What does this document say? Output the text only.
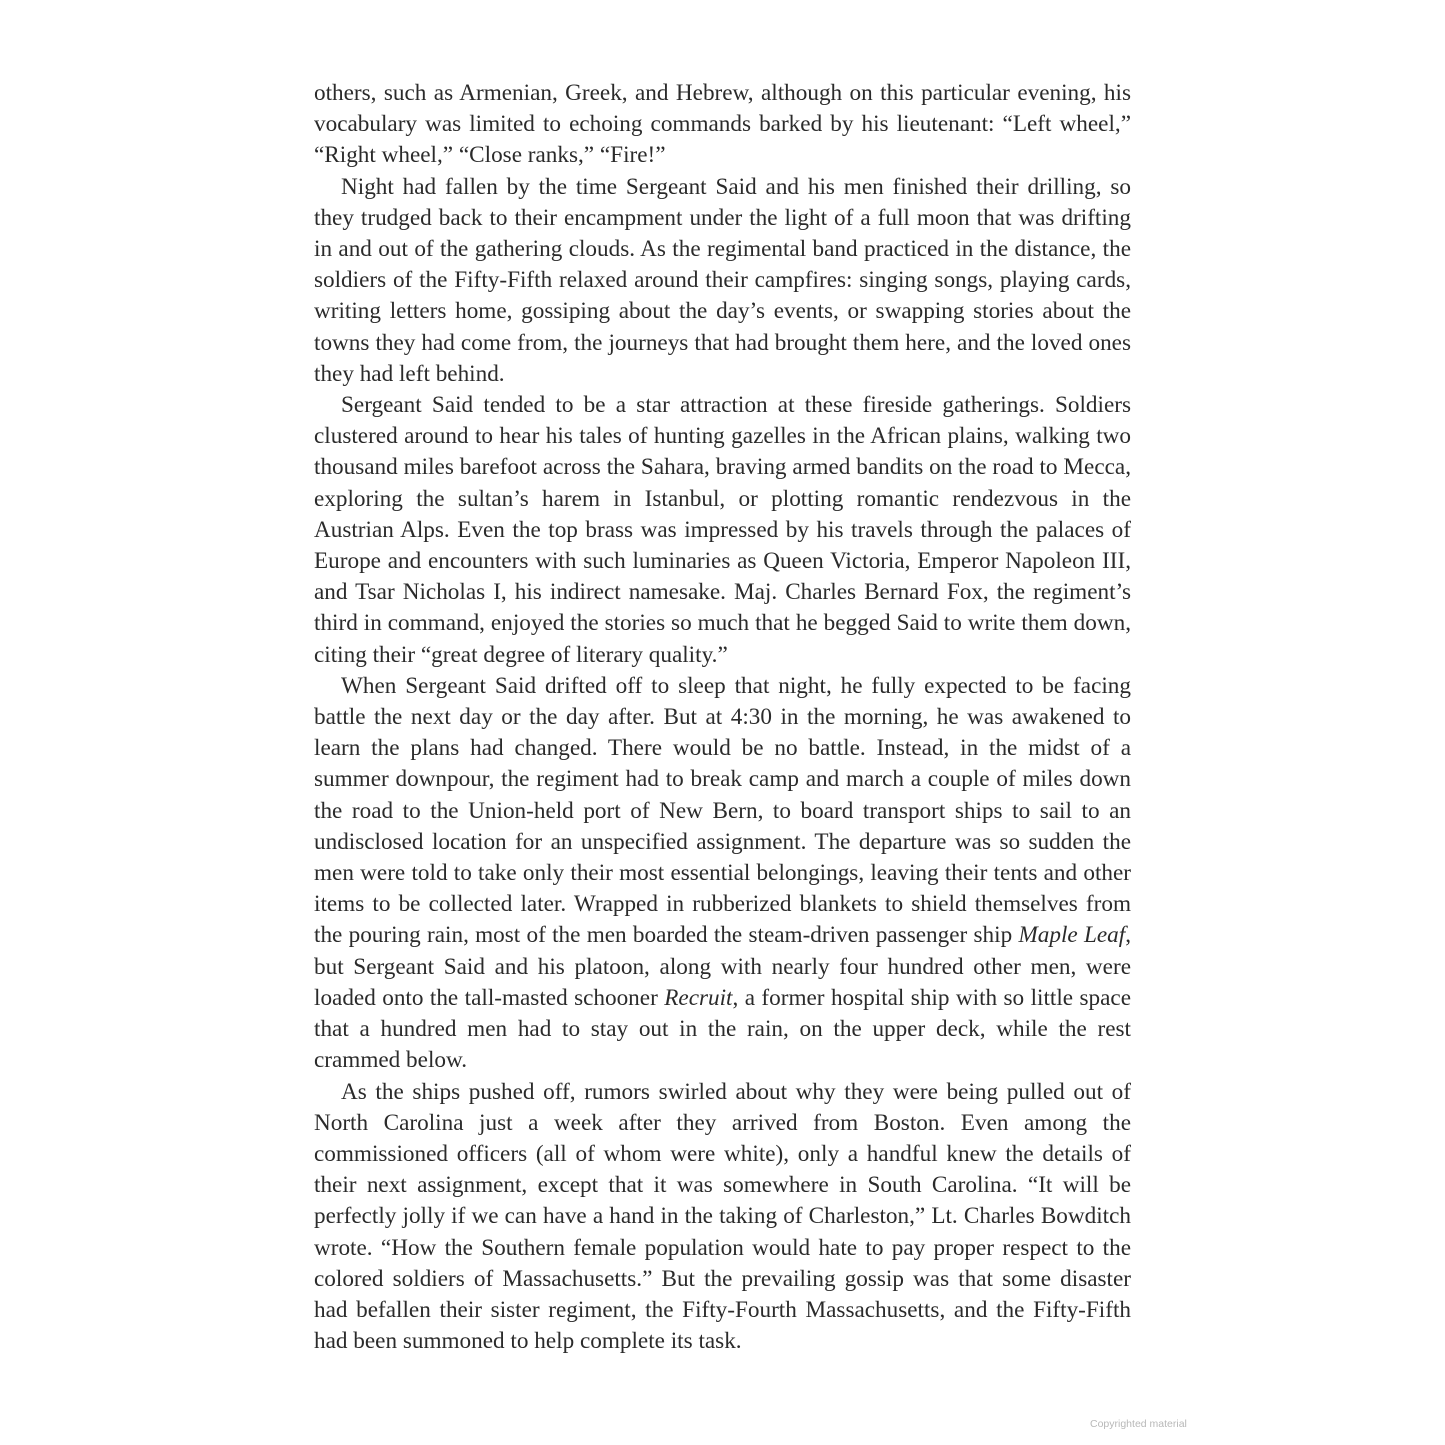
others, such as Armenian, Greek, and Hebrew, although on this particular evening, his vocabulary was limited to echoing commands barked by his lieutenant: “Left wheel,” “Right wheel,” “Close ranks,” “Fire!”

Night had fallen by the time Sergeant Said and his men finished their drilling, so they trudged back to their encampment under the light of a full moon that was drifting in and out of the gathering clouds. As the regimental band practiced in the distance, the soldiers of the Fifty-Fifth relaxed around their campfires: singing songs, playing cards, writing letters home, gossiping about the day’s events, or swapping stories about the towns they had come from, the journeys that had brought them here, and the loved ones they had left behind.

Sergeant Said tended to be a star attraction at these fireside gatherings. Soldiers clustered around to hear his tales of hunting gazelles in the African plains, walking two thousand miles barefoot across the Sahara, braving armed bandits on the road to Mecca, exploring the sultan’s harem in Istanbul, or plotting romantic rendezvous in the Austrian Alps. Even the top brass was impressed by his travels through the palaces of Europe and encounters with such luminaries as Queen Victoria, Emperor Napoleon III, and Tsar Nicholas I, his indirect namesake. Maj. Charles Bernard Fox, the regiment’s third in command, enjoyed the stories so much that he begged Said to write them down, citing their “great degree of literary quality.”

When Sergeant Said drifted off to sleep that night, he fully expected to be facing battle the next day or the day after. But at 4:30 in the morning, he was awakened to learn the plans had changed. There would be no battle. Instead, in the midst of a summer downpour, the regiment had to break camp and march a couple of miles down the road to the Union-held port of New Bern, to board transport ships to sail to an undisclosed location for an unspecified assignment. The departure was so sudden the men were told to take only their most essential belongings, leaving their tents and other items to be collected later. Wrapped in rubberized blankets to shield themselves from the pouring rain, most of the men boarded the steam-driven passenger ship Maple Leaf, but Sergeant Said and his platoon, along with nearly four hundred other men, were loaded onto the tall-masted schooner Recruit, a former hospital ship with so little space that a hundred men had to stay out in the rain, on the upper deck, while the rest crammed below.

As the ships pushed off, rumors swirled about why they were being pulled out of North Carolina just a week after they arrived from Boston. Even among the commissioned officers (all of whom were white), only a handful knew the details of their next assignment, except that it was somewhere in South Carolina. “It will be perfectly jolly if we can have a hand in the taking of Charleston,” Lt. Charles Bowditch wrote. “How the Southern female population would hate to pay proper respect to the colored soldiers of Massachusetts.” But the prevailing gossip was that some disaster had befallen their sister regiment, the Fifty-Fourth Massachusetts, and the Fifty-Fifth had been summoned to help complete its task.

Copyrighted material
